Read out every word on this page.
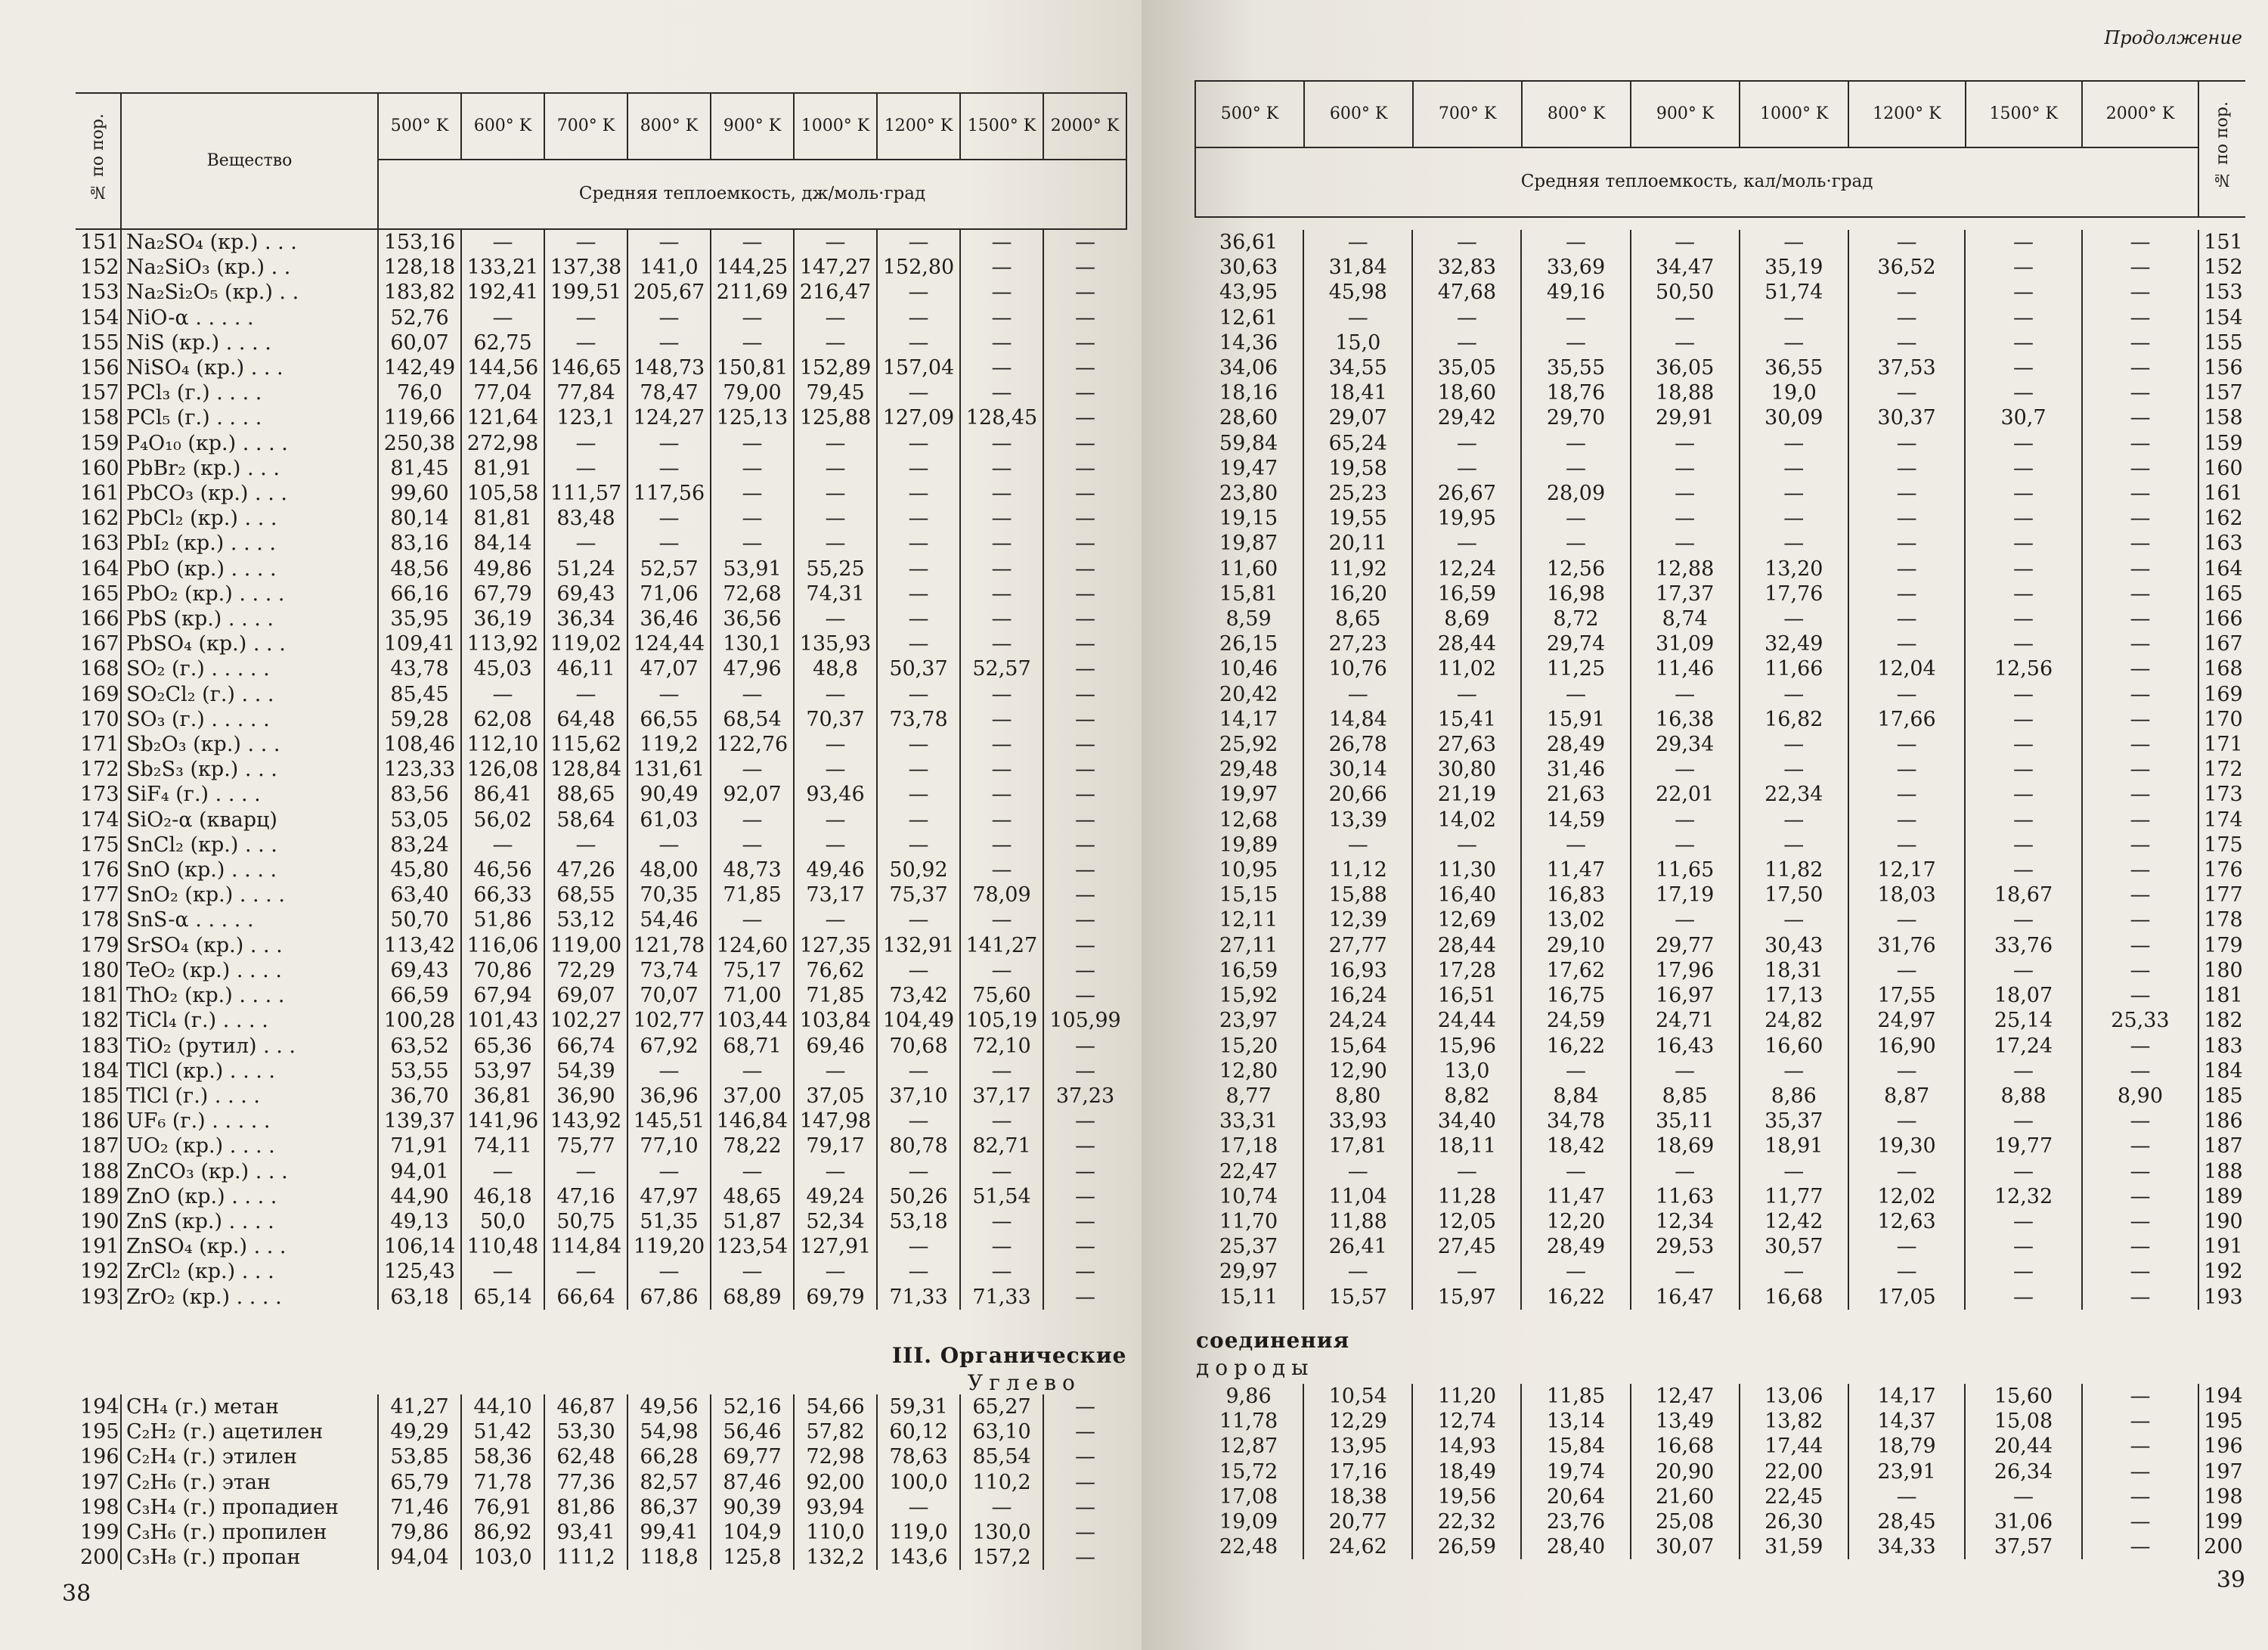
№ по пор.	Вещество	500° K	600° K	700° K	800° K	900° K	1000° K	1200° K	1500° K	2000° K
Средняя теплоемкость, дж/моль·град
151	Na₂SO₄ (кр.) . . .	153,16	—	—	—	—	—	—	—	—
152	Na₂SiO₃ (кр.) . .	128,18	133,21	137,38	141,0	144,25	147,27	152,80	—	—
153	Na₂Si₂O₅ (кр.) . .	183,82	192,41	199,51	205,67	211,69	216,47	—	—	—
154	NiO-α . . . . .	52,76	—	—	—	—	—	—	—	—
155	NiS (кр.) . . . .	60,07	62,75	—	—	—	—	—	—	—
156	NiSO₄ (кр.) . . .	142,49	144,56	146,65	148,73	150,81	152,89	157,04	—	—
157	PCl₃ (г.) . . . .	76,0	77,04	77,84	78,47	79,00	79,45	—	—	—
158	PCl₅ (г.) . . . .	119,66	121,64	123,1	124,27	125,13	125,88	127,09	128,45	—
159	P₄O₁₀ (кр.) . . . .	250,38	272,98	—	—	—	—	—	—	—
160	PbBr₂ (кр.) . . .	81,45	81,91	—	—	—	—	—	—	—
161	PbCO₃ (кр.) . . .	99,60	105,58	111,57	117,56	—	—	—	—	—
162	PbCl₂ (кр.) . . .	80,14	81,81	83,48	—	—	—	—	—	—
163	PbI₂ (кр.) . . . .	83,16	84,14	—	—	—	—	—	—	—
164	PbO (кр.) . . . .	48,56	49,86	51,24	52,57	53,91	55,25	—	—	—
165	PbO₂ (кр.) . . . .	66,16	67,79	69,43	71,06	72,68	74,31	—	—	—
166	PbS (кр.) . . . .	35,95	36,19	36,34	36,46	36,56	—	—	—	—
167	PbSO₄ (кр.) . . .	109,41	113,92	119,02	124,44	130,1	135,93	—	—	—
168	SO₂ (г.) . . . . .	43,78	45,03	46,11	47,07	47,96	48,8	50,37	52,57	—
169	SO₂Cl₂ (г.) . . .	85,45	—	—	—	—	—	—	—	—
170	SO₃ (г.) . . . . .	59,28	62,08	64,48	66,55	68,54	70,37	73,78	—	—
171	Sb₂O₃ (кр.) . . .	108,46	112,10	115,62	119,2	122,76	—	—	—	—
172	Sb₂S₃ (кр.) . . .	123,33	126,08	128,84	131,61	—	—	—	—	—
173	SiF₄ (г.) . . . .	83,56	86,41	88,65	90,49	92,07	93,46	—	—	—
174	SiO₂-α (кварц)	53,05	56,02	58,64	61,03	—	—	—	—	—
175	SnCl₂ (кр.) . . .	83,24	—	—	—	—	—	—	—	—
176	SnO (кр.) . . . .	45,80	46,56	47,26	48,00	48,73	49,46	50,92	—	—
177	SnO₂ (кр.) . . . .	63,40	66,33	68,55	70,35	71,85	73,17	75,37	78,09	—
178	SnS-α . . . . .	50,70	51,86	53,12	54,46	—	—	—	—	—
179	SrSO₄ (кр.) . . .	113,42	116,06	119,00	121,78	124,60	127,35	132,91	141,27	—
180	TeO₂ (кр.) . . . .	69,43	70,86	72,29	73,74	75,17	76,62	—	—	—
181	ThO₂ (кр.) . . . .	66,59	67,94	69,07	70,07	71,00	71,85	73,42	75,60	—
182	TiCl₄ (г.) . . . .	100,28	101,43	102,27	102,77	103,44	103,84	104,49	105,19	105,99
183	TiO₂ (рутил) . . .	63,52	65,36	66,74	67,92	68,71	69,46	70,68	72,10	—
184	TlCl (кр.) . . . .	53,55	53,97	54,39	—	—	—	—	—	—
185	TlCl (г.) . . . .	36,70	36,81	36,90	36,96	37,00	37,05	37,10	37,17	37,23
186	UF₆ (г.) . . . . .	139,37	141,96	143,92	145,51	146,84	147,98	—	—	—
187	UO₂ (кр.) . . . .	71,91	74,11	75,77	77,10	78,22	79,17	80,78	82,71	—
188	ZnCO₃ (кр.) . . .	94,01	—	—	—	—	—	—	—	—
189	ZnO (кр.) . . . .	44,90	46,18	47,16	47,97	48,65	49,24	50,26	51,54	—
190	ZnS (кр.) . . . .	49,13	50,0	50,75	51,35	51,87	52,34	53,18	—	—
191	ZnSO₄ (кр.) . . .	106,14	110,48	114,84	119,20	123,54	127,91	—	—	—
192	ZrCl₂ (кр.) . . .	125,43	—	—	—	—	—	—	—	—
193	ZrO₂ (кр.) . . . .	63,18	65,14	66,64	67,86	68,89	69,79	71,33	71,33	—
III. Органические
Углево
194	CH₄ (г.) метан	41,27	44,10	46,87	49,56	52,16	54,66	59,31	65,27	—
195	C₂H₂ (г.) ацетилен	49,29	51,42	53,30	54,98	56,46	57,82	60,12	63,10	—
196	C₂H₄ (г.) этилен	53,85	58,36	62,48	66,28	69,77	72,98	78,63	85,54	—
197	C₂H₆ (г.) этан	65,79	71,78	77,36	82,57	87,46	92,00	100,0	110,2	—
198	C₃H₄ (г.) пропадиен	71,46	76,91	81,86	86,37	90,39	93,94	—	—	—
199	C₃H₆ (г.) пропилен	79,86	86,92	93,41	99,41	104,9	110,0	119,0	130,0	—
200	C₃H₈ (г.) пропан	94,04	103,0	111,2	118,8	125,8	132,2	143,6	157,2	—
38
Продолжение
500° K	600° K	700° K	800° K	900° K	1000° K	1200° K	1500° K	2000° K	№ по пор.
Средняя теплоемкость, кал/моль·град
36,61	—	—	—	—	—	—	—	—	151
30,63	31,84	32,83	33,69	34,47	35,19	36,52	—	—	152
43,95	45,98	47,68	49,16	50,50	51,74	—	—	—	153
12,61	—	—	—	—	—	—	—	—	154
14,36	15,0	—	—	—	—	—	—	—	155
34,06	34,55	35,05	35,55	36,05	36,55	37,53	—	—	156
18,16	18,41	18,60	18,76	18,88	19,0	—	—	—	157
28,60	29,07	29,42	29,70	29,91	30,09	30,37	30,7	—	158
59,84	65,24	—	—	—	—	—	—	—	159
19,47	19,58	—	—	—	—	—	—	—	160
23,80	25,23	26,67	28,09	—	—	—	—	—	161
19,15	19,55	19,95	—	—	—	—	—	—	162
19,87	20,11	—	—	—	—	—	—	—	163
11,60	11,92	12,24	12,56	12,88	13,20	—	—	—	164
15,81	16,20	16,59	16,98	17,37	17,76	—	—	—	165
8,59	8,65	8,69	8,72	8,74	—	—	—	—	166
26,15	27,23	28,44	29,74	31,09	32,49	—	—	—	167
10,46	10,76	11,02	11,25	11,46	11,66	12,04	12,56	—	168
20,42	—	—	—	—	—	—	—	—	169
14,17	14,84	15,41	15,91	16,38	16,82	17,66	—	—	170
25,92	26,78	27,63	28,49	29,34	—	—	—	—	171
29,48	30,14	30,80	31,46	—	—	—	—	—	172
19,97	20,66	21,19	21,63	22,01	22,34	—	—	—	173
12,68	13,39	14,02	14,59	—	—	—	—	—	174
19,89	—	—	—	—	—	—	—	—	175
10,95	11,12	11,30	11,47	11,65	11,82	12,17	—	—	176
15,15	15,88	16,40	16,83	17,19	17,50	18,03	18,67	—	177
12,11	12,39	12,69	13,02	—	—	—	—	—	178
27,11	27,77	28,44	29,10	29,77	30,43	31,76	33,76	—	179
16,59	16,93	17,28	17,62	17,96	18,31	—	—	—	180
15,92	16,24	16,51	16,75	16,97	17,13	17,55	18,07	—	181
23,97	24,24	24,44	24,59	24,71	24,82	24,97	25,14	25,33	182
15,20	15,64	15,96	16,22	16,43	16,60	16,90	17,24	—	183
12,80	12,90	13,0	—	—	—	—	—	—	184
8,77	8,80	8,82	8,84	8,85	8,86	8,87	8,88	8,90	185
33,31	33,93	34,40	34,78	35,11	35,37	—	—	—	186
17,18	17,81	18,11	18,42	18,69	18,91	19,30	19,77	—	187
22,47	—	—	—	—	—	—	—	—	188
10,74	11,04	11,28	11,47	11,63	11,77	12,02	12,32	—	189
11,70	11,88	12,05	12,20	12,34	12,42	12,63	—	—	190
25,37	26,41	27,45	28,49	29,53	30,57	—	—	—	191
29,97	—	—	—	—	—	—	—	—	192
15,11	15,57	15,97	16,22	16,47	16,68	17,05	—	—	193
соединения
дороды
9,86	10,54	11,20	11,85	12,47	13,06	14,17	15,60	—	194
11,78	12,29	12,74	13,14	13,49	13,82	14,37	15,08	—	195
12,87	13,95	14,93	15,84	16,68	17,44	18,79	20,44	—	196
15,72	17,16	18,49	19,74	20,90	22,00	23,91	26,34	—	197
17,08	18,38	19,56	20,64	21,60	22,45	—	—	—	198
19,09	20,77	22,32	23,76	25,08	26,30	28,45	31,06	—	199
22,48	24,62	26,59	28,40	30,07	31,59	34,33	37,57	—	200
39
